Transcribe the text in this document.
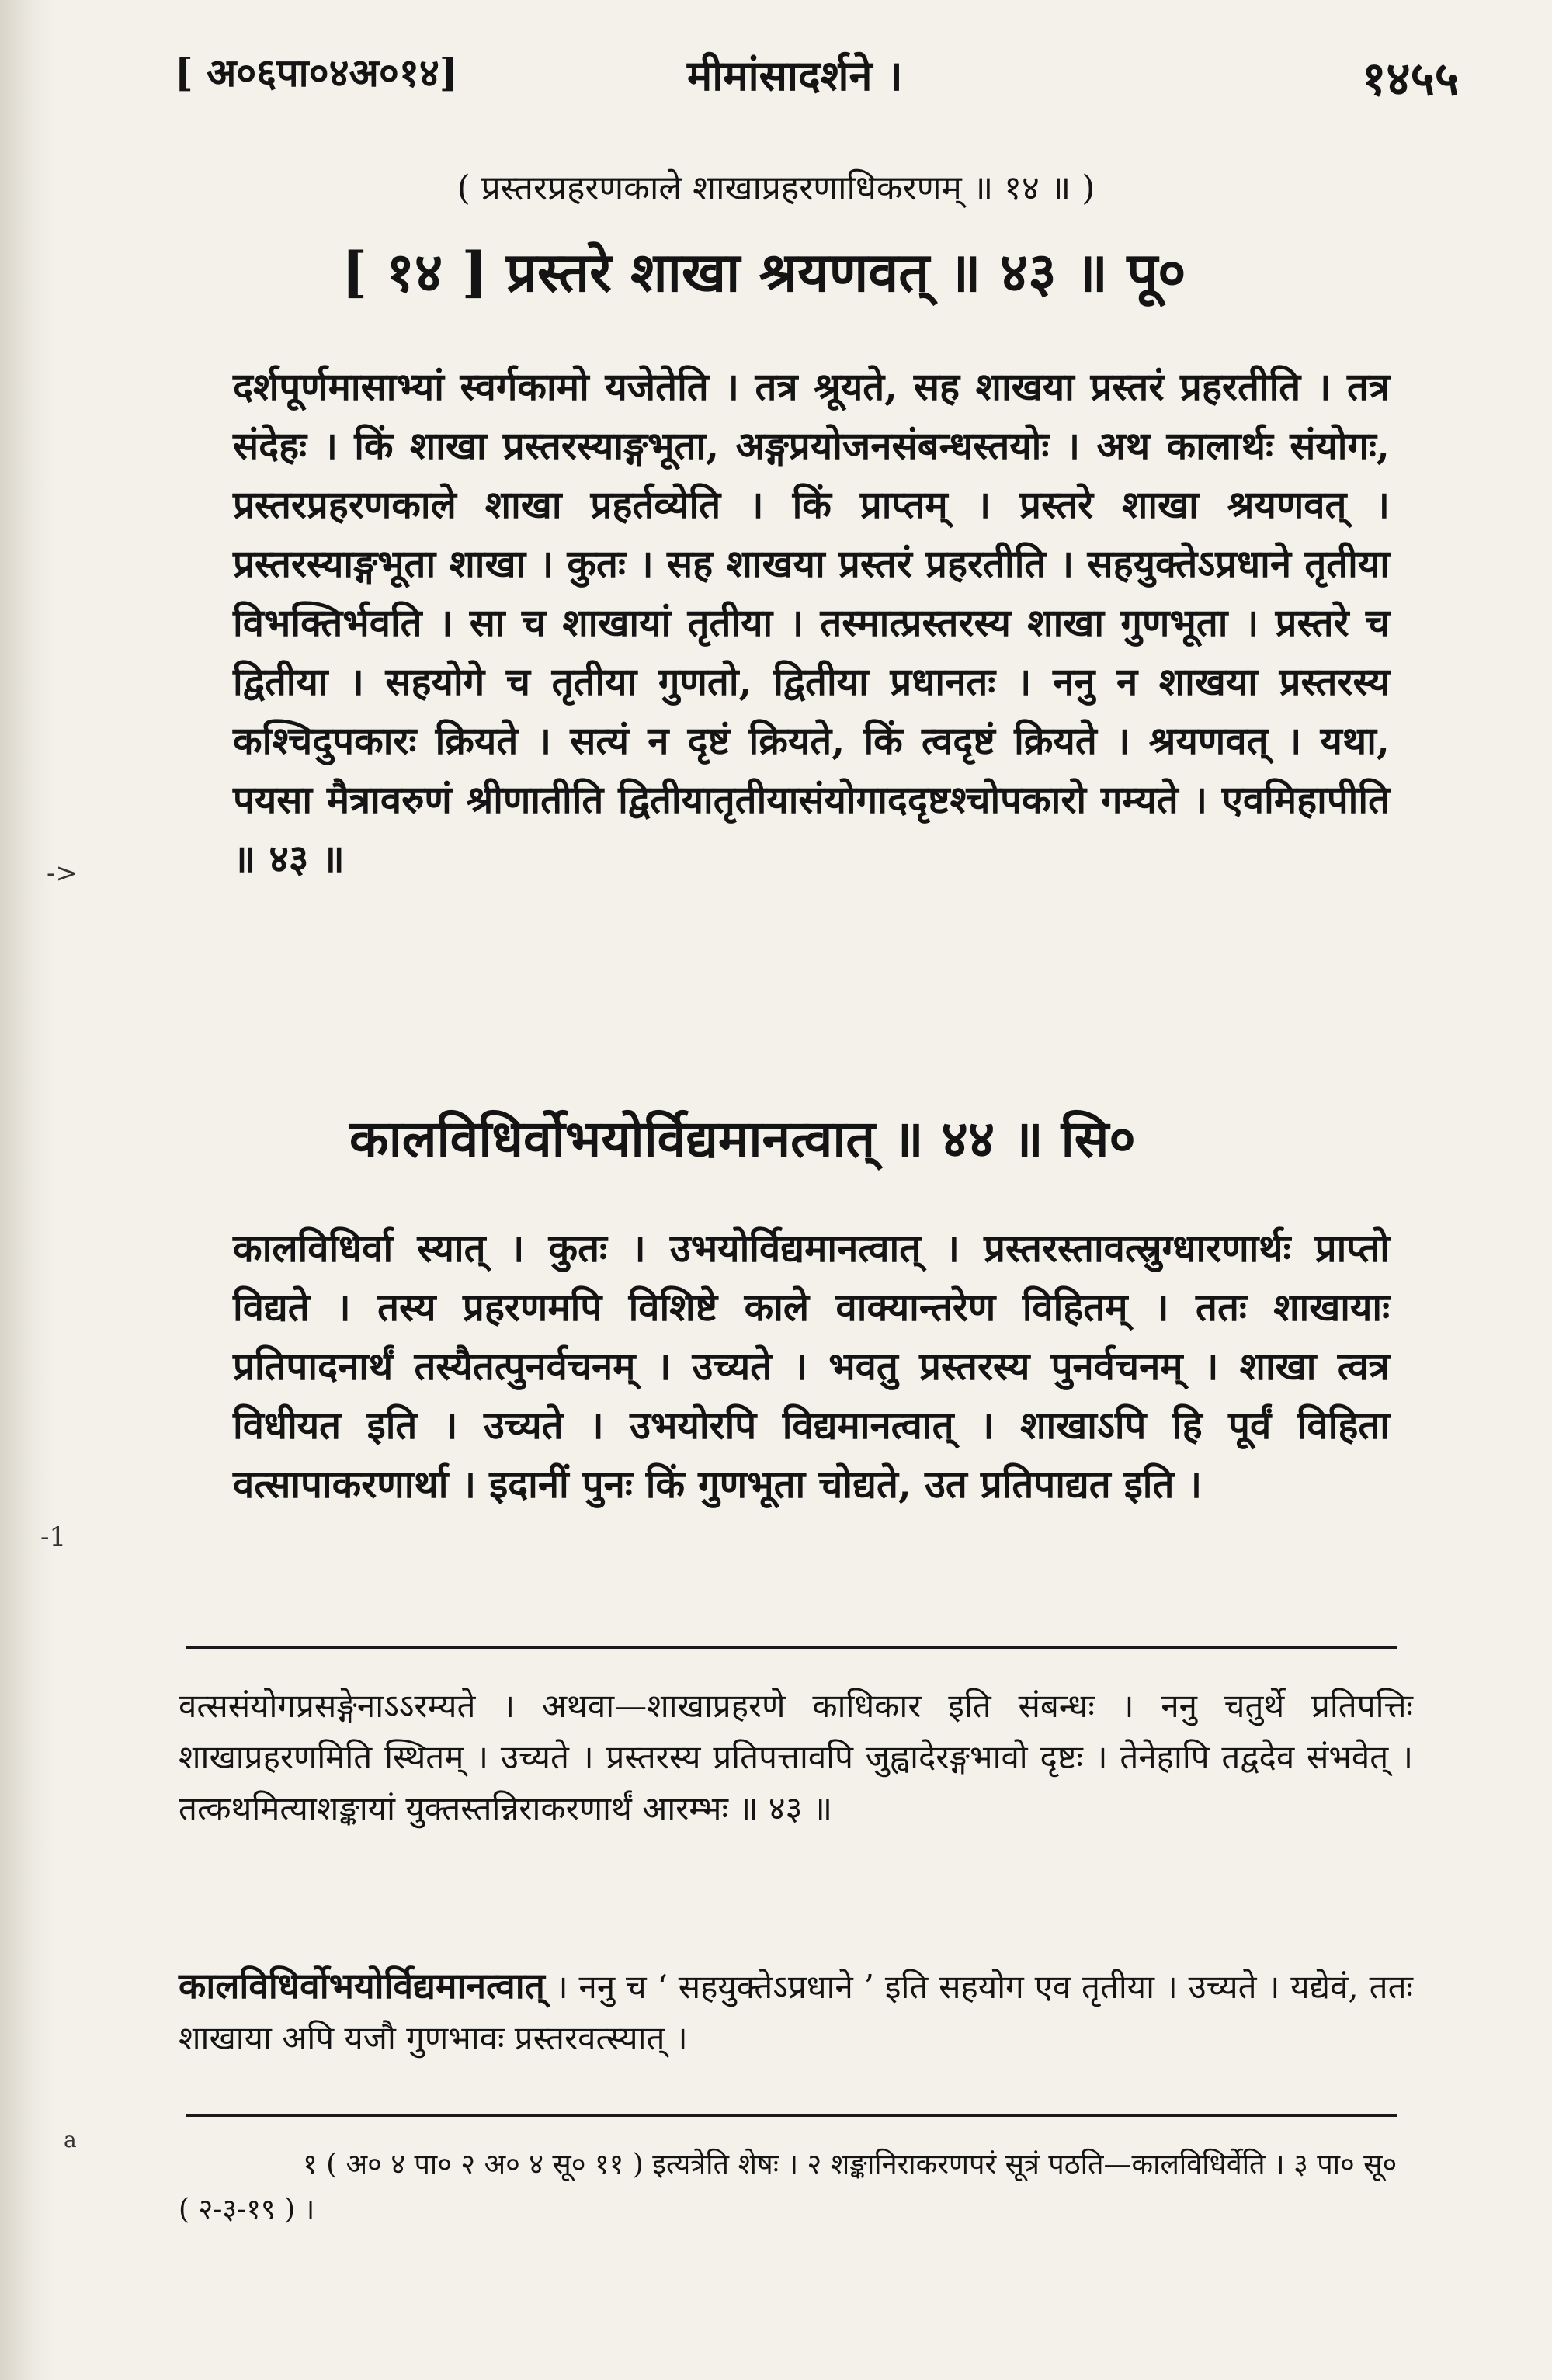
[ अ०६पा०४अ०१४]	मीमांसादर्शने ।	१४५५
( प्रस्तरप्रहरणकाले शाखाप्रहरणाधिकरणम् ॥ १४ ॥ )
[ १४ ] प्रस्तरे शाखा श्रयणवत् ॥ ४३ ॥ पू०
दर्शपूर्णमासाभ्यां स्वर्गकामो यजेतेति । तत्र श्रूयते, सह शाखया प्रस्तरं प्रहरतीति । तत्र संदेहः । किं शाखा प्रस्तरस्याङ्गभूता, अङ्गप्रयोजनसंबन्धस्तयोः । अथ कालार्थः संयोगः, प्रस्तरप्रहरणकाले शाखा प्रहर्तव्येति । किं प्राप्तम् । प्रस्तरे शाखा श्रयणवत् । प्रस्तरस्याङ्गभूता शाखा । कुतः । सह शाखया प्रस्तरं प्रहरतीति । सहयुक्तेऽप्रधाने तृतीया विभक्तिर्भवति । सा च शाखायां तृतीया । तस्मात्प्रस्तरस्य शाखा गुणभूता । प्रस्तरे च द्वितीया । सहयोगे च तृतीया गुणतो, द्वितीया प्रधानतः । ननु न शाखया प्रस्तरस्य कश्चिदुपकारः क्रियते । सत्यं न दृष्टं क्रियते, किं त्वदृष्टं क्रियते । श्रयणवत् । यथा, पयसा मैत्रावरुणं श्रीणातीति द्वितीयातृतीयासंयोगाददृष्टश्चोपकारो गम्यते । एवमिहापीति ॥ ४३ ॥
कालविधिर्वोभयोर्विद्यमानत्वात् ॥ ४४ ॥ सि०
कालविधिर्वा स्यात् । कुतः । उभयोर्विद्यमानत्वात् । प्रस्तरस्तावत्स्रुग्धारणार्थः प्राप्तो विद्यते । तस्य प्रहरणमपि विशिष्टे काले वाक्यान्तरेण विहितम् । ततः शाखायाः प्रतिपादनार्थं तस्यैतत्पुनर्वचनम् । उच्यते । भवतु प्रस्तरस्य पुनर्वचनम् । शाखा त्वत्र विधीयत इति । उच्यते । उभयोरपि विद्यमानत्वात् । शाखाऽपि हि पूर्वं विहिता वत्सापाकरणार्था । इदानीं पुनः किं गुणभूता चोद्यते, उत प्रतिपाद्यत इति ।
वत्ससंयोगप्रसङ्गेनाऽऽरम्यते । अथवा—शाखाप्रहरणे काधिकार इति संबन्धः । ननु चतुर्थे प्रतिपत्तिः शाखाप्रहरणमिति स्थितम् । उच्यते । प्रस्तरस्य प्रतिपत्तावपि जुह्वादेरङ्गभावो दृष्टः । तेनेहापि तद्वदेव संभवेत् । तत्कथमित्याशङ्कायां युक्तस्तन्निराकरणार्थं आरम्भः ॥ ४३ ॥
कालविधिर्वोभयोर्विद्यमानत्वात् । ननु च ‘ सहयुक्तेऽप्रधाने ’ इति सहयोग एव तृतीया । उच्यते । यद्येवं, ततः शाखाया अपि यजौ गुणभावः प्रस्तरवत्स्यात् ।
१ ( अ० ४ पा० २ अ० ४ सू० ११ ) इत्यत्रेति शेषः । २ शङ्कानिराकरणपरं सूत्रं पठति—कालविधिर्वेति । ३ पा० सू० ( २-३-१९ ) ।
->
-1
a
